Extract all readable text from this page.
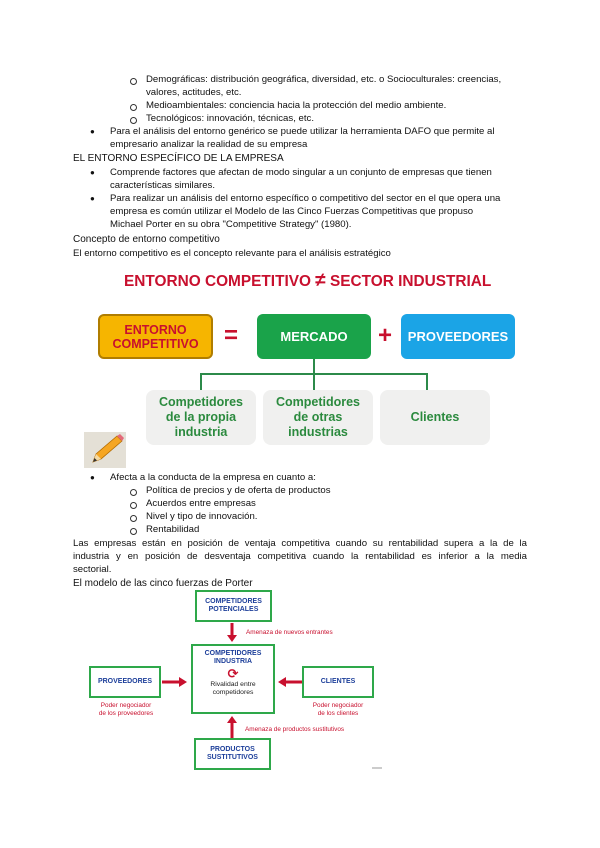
Demográficas: distribución geográfica, diversidad, etc. o Socioculturales: creencias,
valores, actitudes, etc.
Medioambientales: conciencia hacia la protección del medio ambiente.
Tecnológicos: innovación, técnicas, etc.
● Para el análisis del entorno genérico se puede utilizar la herramienta DAFO que permite al
empresario analizar la realidad de su empresa
EL ENTORNO ESPECÍFICO DE LA EMPRESA
● Comprende factores que afectan de modo singular a un conjunto de empresas que tienen
características similares.
● Para realizar un análisis del entorno específico o competitivo del sector en el que opera una
empresa es común utilizar el Modelo de las Cinco Fuerzas Competitivas que propuso
Michael Porter en su obra "Competitive Strategy" (1980).
Concepto de entorno competitivo
El entorno competitivo es el concepto relevante para el análisis estratégico
ENTORNO COMPETITIVO ≠ SECTOR INDUSTRIAL
ENTORNO
COMPETITIVO =	MERCADO	+	PROVEEDORES
Competidores
de la propia
industria
Competidores
de otras
industrias
Clientes
● Afecta a la conducta de la empresa en cuanto a:
Política de precios y de oferta de productos
Acuerdos entre empresas
Nivel y tipo de innovación.
Rentabilidad
Las empresas están en posición de ventaja competitiva cuando su rentabilidad supera a la de la
industria y en posición de desventaja competitiva cuando la rentabilidad es inferior a la media
sectorial.
El modelo de las cinco fuerzas de Porter
COMPETIDORES
POTENCIALES
Amenaza de nuevos entrantes
COMPETIDORES
INDUSTRIA
⟳
Rivalidad entre
competidores
PROVEEDORES	CLIENTES
Poder negociador
de los proveedores
Poder negociador
de los clientes
Amenaza de productos sustitutivos
PRODUCTOS
SUSTITUTIVOS
